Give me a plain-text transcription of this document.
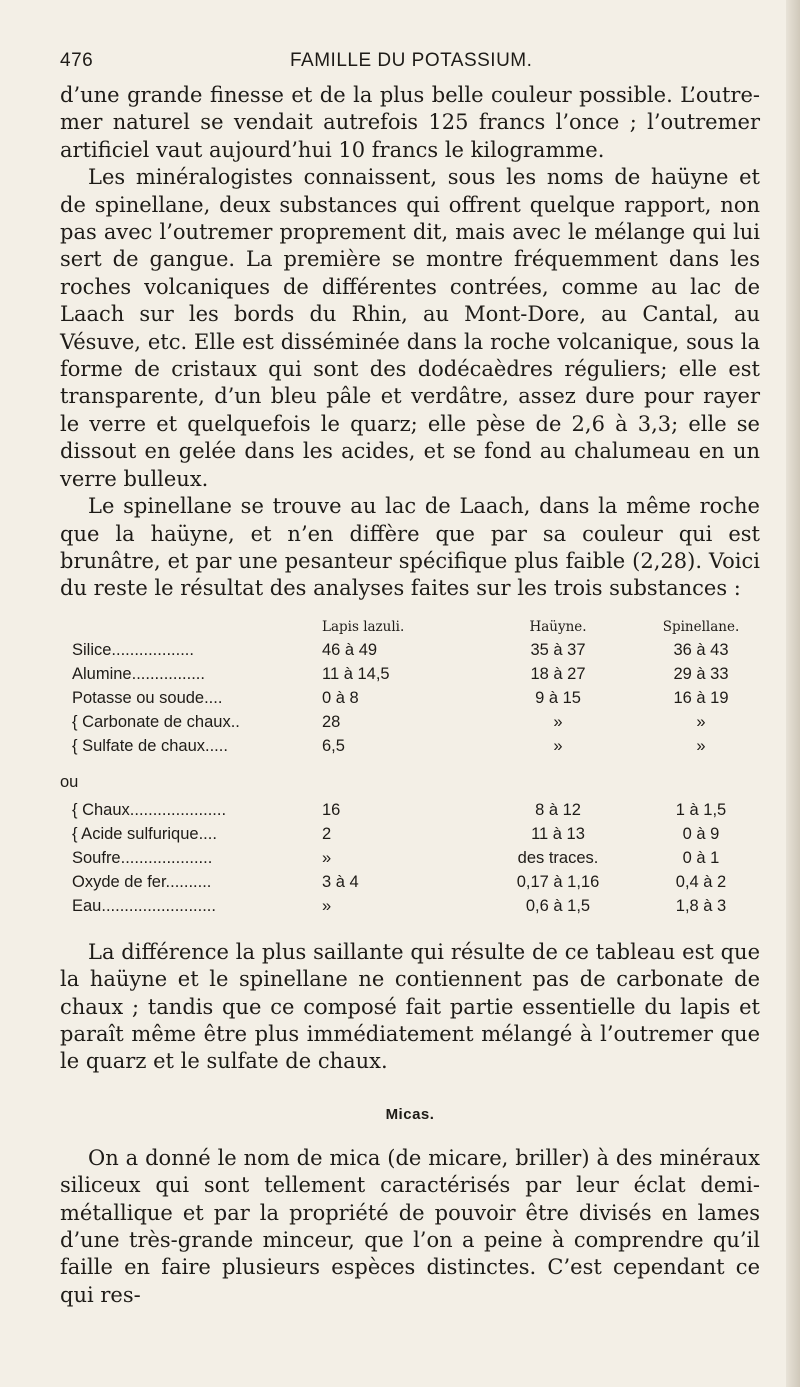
476	FAMILLE DU POTASSIUM.

d’une grande finesse et de la plus belle couleur possible. L’outre-mer naturel se vendait autrefois 125 francs l’once ; l’outremer artificiel vaut aujourd’hui 10 francs le kilogramme.

Les minéralogistes connaissent, sous les noms de haüyne et de spinellane, deux substances qui offrent quelque rapport, non pas avec l’outremer proprement dit, mais avec le mélange qui lui sert de gangue. La première se montre fréquemment dans les roches volcaniques de différentes contrées, comme au lac de Laach sur les bords du Rhin, au Mont-Dore, au Cantal, au Vésuve, etc. Elle est disséminée dans la roche volcanique, sous la forme de cristaux qui sont des dodécaèdres réguliers; elle est transparente, d’un bleu pâle et verdâtre, assez dure pour rayer le verre et quelquefois le quarz; elle pèse de 2,6 à 3,3; elle se dissout en gelée dans les acides, et se fond au chalumeau en un verre bulleux.

Le spinellane se trouve au lac de Laach, dans la même roche que la haüyne, et n’en diffère que par sa couleur qui est brunâtre, et par une pesanteur spécifique plus faible (2,28). Voici du reste le résultat des analyses faites sur les trois substances :

Lapis lazuli.	Haüyne.	Spinellane.
Silice..................	46 à 49	35 à 37	36 à 43
Alumine................	11 à 14,5	18 à 27	29 à 33
Potasse ou soude....	0 à 8	9 à 15	16 à 19
{ Carbonate de chaux..	28	»	»
{ Sulfate de chaux.....	6,5	»	»
ou
{ Chaux.....................	16	8 à 12	1 à 1,5
{ Acide sulfurique....	2	11 à 13	0 à 9
Soufre....................	»	des traces.	0 à 1
Oxyde de fer..........	3 à 4	0,17 à 1,16	0,4 à 2
Eau.........................	»	0,6 à 1,5	1,8 à 3

La différence la plus saillante qui résulte de ce tableau est que la haüyne et le spinellane ne contiennent pas de carbonate de chaux ; tandis que ce composé fait partie essentielle du lapis et paraît même être plus immédiatement mélangé à l’outremer que le quarz et le sulfate de chaux.

Micas.

On a donné le nom de mica (de micare, briller) à des minéraux siliceux qui sont tellement caractérisés par leur éclat demi-métallique et par la propriété de pouvoir être divisés en lames d’une très-grande minceur, que l’on a peine à comprendre qu’il faille en faire plusieurs espèces distinctes. C’est cependant ce qui res-
